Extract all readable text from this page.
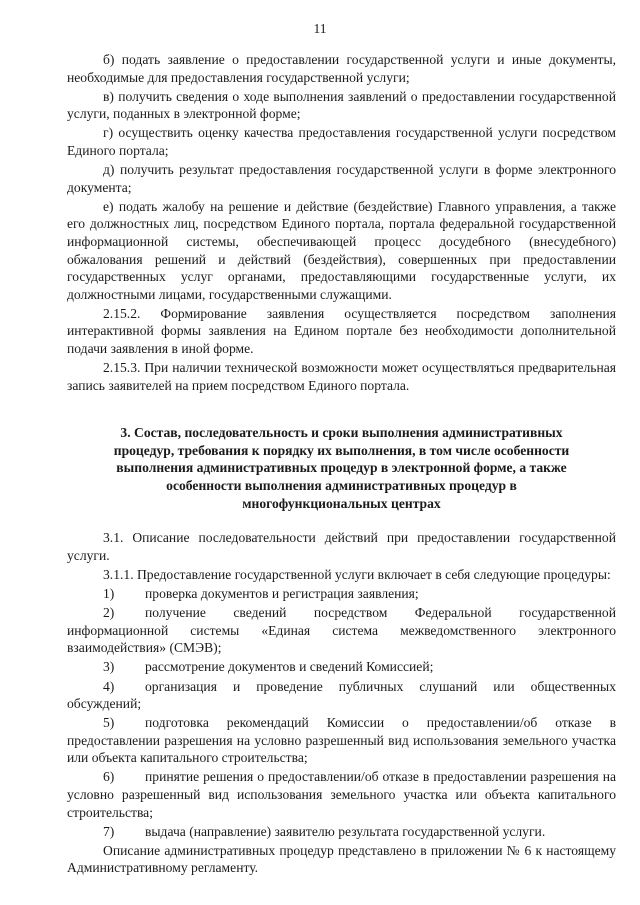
11

б) подать заявление о предоставлении государственной услуги и иные документы, необходимые для предоставления государственной услуги;

в) получить сведения о ходе выполнения заявлений о предоставлении государственной услуги, поданных в электронной форме;

г) осуществить оценку качества предоставления государственной услуги посредством Единого портала;

д) получить результат предоставления государственной услуги в форме электронного документа;

е) подать жалобу на решение и действие (бездействие) Главного управления, а также его должностных лиц, посредством Единого портала, портала федеральной государственной информационной системы, обеспечивающей процесс досудебного (внесудебного) обжалования решений и действий (бездействия), совершенных при предоставлении государственных услуг органами, предоставляющими государственные услуги, их должностными лицами, государственными служащими.

2.15.2. Формирование заявления осуществляется посредством заполнения интерактивной формы заявления на Едином портале без необходимости дополнительной подачи заявления в иной форме.

2.15.3. При наличии технической возможности может осуществляться предварительная запись заявителей на прием посредством Единого портала.

3. Состав, последовательность и сроки выполнения административных
процедур, требования к порядку их выполнения, в том числе особенности
выполнения административных процедур в электронной форме, а также
особенности выполнения административных процедур в
многофункциональных центрах

3.1. Описание последовательности действий при предоставлении государственной услуги.

3.1.1. Предоставление государственной услуги включает в себя следующие процедуры:

1)	проверка документов и регистрация заявления;
2)	получение сведений посредством Федеральной государственной информационной системы «Единая система межведомственного электронного взаимодействия» (СМЭВ);
3)	рассмотрение документов и сведений Комиссией;
4)	организация и проведение публичных слушаний или общественных обсуждений;
5)	подготовка рекомендаций Комиссии о предоставлении/об отказе в предоставлении разрешения на условно разрешенный вид использования земельного участка или объекта капитального строительства;
6)	принятие решения о предоставлении/об отказе в предоставлении разрешения на условно разрешенный вид использования земельного участка или объекта капитального строительства;
7)	выдача (направление) заявителю результата государственной услуги.

Описание административных процедур представлено в приложении № 6 к настоящему Административному регламенту.
